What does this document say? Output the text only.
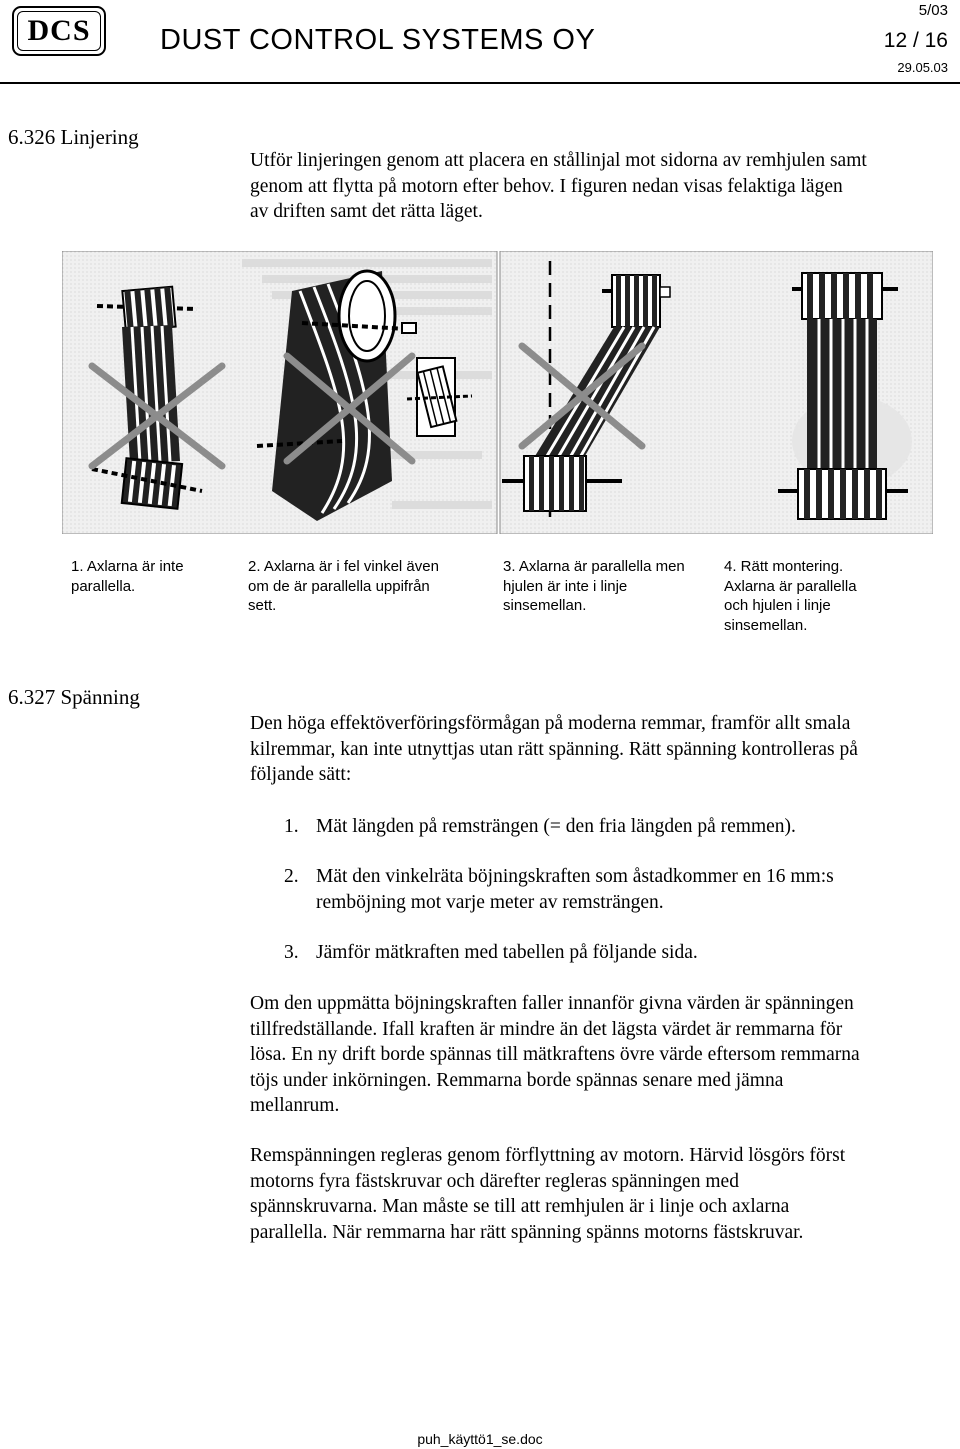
DCS	DUST CONTROL SYSTEMS OY
5/03
12 / 16
29.05.03
6.326 Linjering
Utför linjeringen genom att placera en stållinjal mot sidorna av remhjulen samt
genom att flytta på motorn efter behov. I figuren nedan visas felaktiga lägen
av driften samt det rätta läget.
1. Axlarna är inte
parallella.
2. Axlarna är i fel vinkel även
om de är parallella uppifrån
sett.
3. Axlarna är parallella men
hjulen är inte i linje
sinsemellan.
4. Rätt montering.
Axlarna är parallella
och hjulen i linje
sinsemellan.
6.327 Spänning
Den höga effektöverföringsförmågan på moderna remmar, framför allt smala
kilremmar, kan inte utnyttjas utan rätt spänning. Rätt spänning kontrolleras på
följande sätt:
1. Mät längden på remsträngen (= den fria längden på remmen).
2. Mät den vinkelräta böjningskraften som åstadkommer en 16 mm:s
remböjning mot varje meter av remsträngen.
3. Jämför mätkraften med tabellen på följande sida.
Om den uppmätta böjningskraften faller innanför givna värden är spänningen
tillfredställande. Ifall kraften är mindre än det lägsta värdet är remmarna för
lösa. En ny drift borde spännas till mätkraftens övre värde eftersom remmarna
töjs under inkörningen. Remmarna borde spännas senare med jämna
mellanrum.
Remspänningen regleras genom förflyttning av motorn. Härvid lösgörs först
motorns fyra fästskruvar och därefter regleras spänningen med
spännskruvarna. Man måste se till att remhjulen är i linje och axlarna
parallella. När remmarna har rätt spänning spänns motorns fästskruvar.
puh_käyttö1_se.doc
